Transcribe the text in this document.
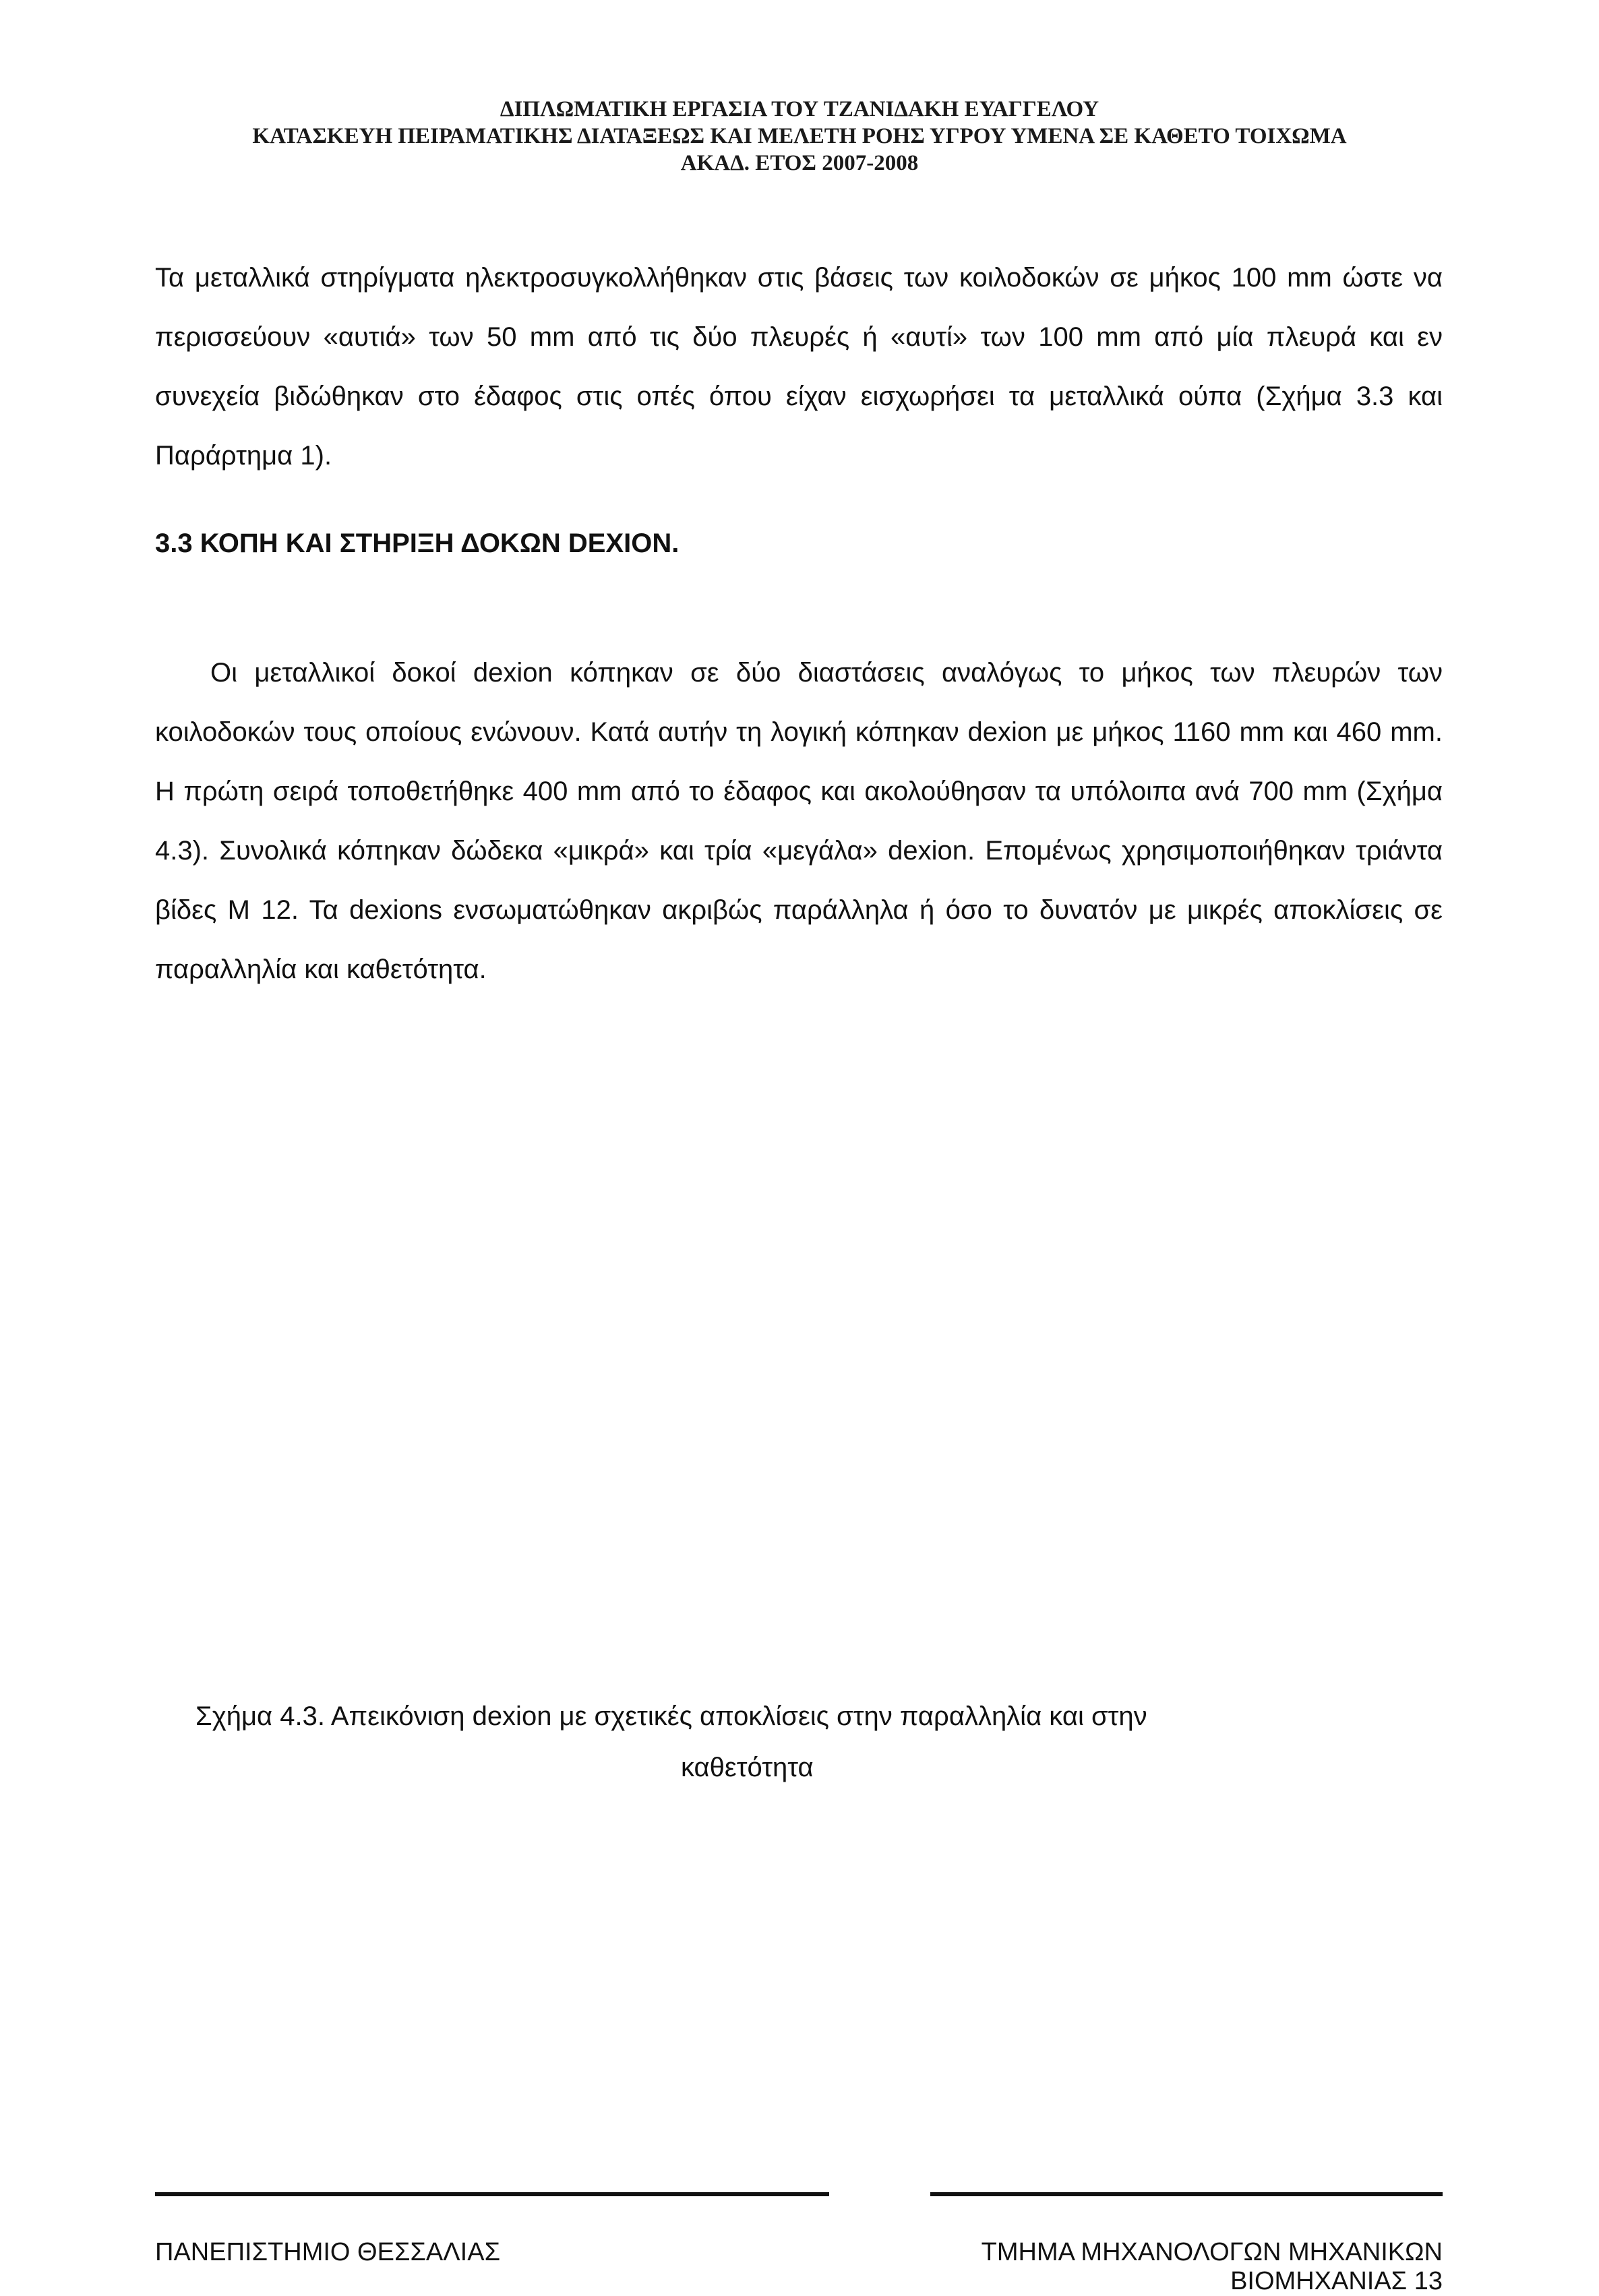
ΔΙΠΛΩΜΑΤΙΚΗ ΕΡΓΑΣΙΑ ΤΟΥ ΤΖΑΝΙΔΑΚΗ ΕΥΑΓΓΕΛΟΥ
ΚΑΤΑΣΚΕΥΗ ΠΕΙΡΑΜΑΤΙΚΗΣ ΔΙΑΤΑΞΕΩΣ ΚΑΙ ΜΕΛΕΤΗ ΡΟΗΣ ΥΓΡΟΥ ΥΜΕΝΑ ΣΕ ΚΑΘΕΤΟ ΤΟΙΧΩΜΑ
ΑΚΑΔ. ΕΤΟΣ 2007-2008
Τα μεταλλικά στηρίγματα ηλεκτροσυγκολλήθηκαν στις βάσεις των κοιλοδοκών σε μήκος 100 mm ώστε να περισσεύουν «αυτιά» των 50 mm από τις δύο πλευρές ή «αυτί» των 100 mm από μία πλευρά και εν συνεχεία βιδώθηκαν στο έδαφος στις οπές όπου είχαν εισχωρήσει τα μεταλλικά ούπα (Σχήμα 3.3 και Παράρτημα 1).
3.3 ΚΟΠΗ ΚΑΙ ΣΤΗΡΙΞΗ ΔΟΚΩΝ DEXION.
Οι μεταλλικοί δοκοί dexion κόπηκαν σε δύο διαστάσεις αναλόγως το μήκος των πλευρών των κοιλοδοκών τους οποίους ενώνουν. Κατά αυτήν τη λογική κόπηκαν dexion με μήκος 1160 mm και 460 mm. Η πρώτη σειρά τοποθετήθηκε 400 mm από το έδαφος και ακολούθησαν τα υπόλοιπα ανά 700 mm (Σχήμα 4.3). Συνολικά κόπηκαν δώδεκα «μικρά» και τρία «μεγάλα» dexion. Επομένως χρησιμοποιήθηκαν τριάντα βίδες Μ 12. Τα dexions ενσωματώθηκαν ακριβώς παράλληλα ή όσο το δυνατόν με μικρές αποκλίσεις σε παραλληλία και καθετότητα.
Σχήμα 4.3. Απεικόνιση dexion με σχετικές αποκλίσεις στην παραλληλία και στην
καθετότητα
ΠΑΝΕΠΙΣΤΗΜΙΟ ΘΕΣΣΑΛΙΑΣ	ΤΜΗΜΑ ΜΗΧΑΝΟΛΟΓΩΝ ΜΗΧΑΝΙΚΩΝ ΒΙΟΜΗΧΑΝΙΑΣ 13
